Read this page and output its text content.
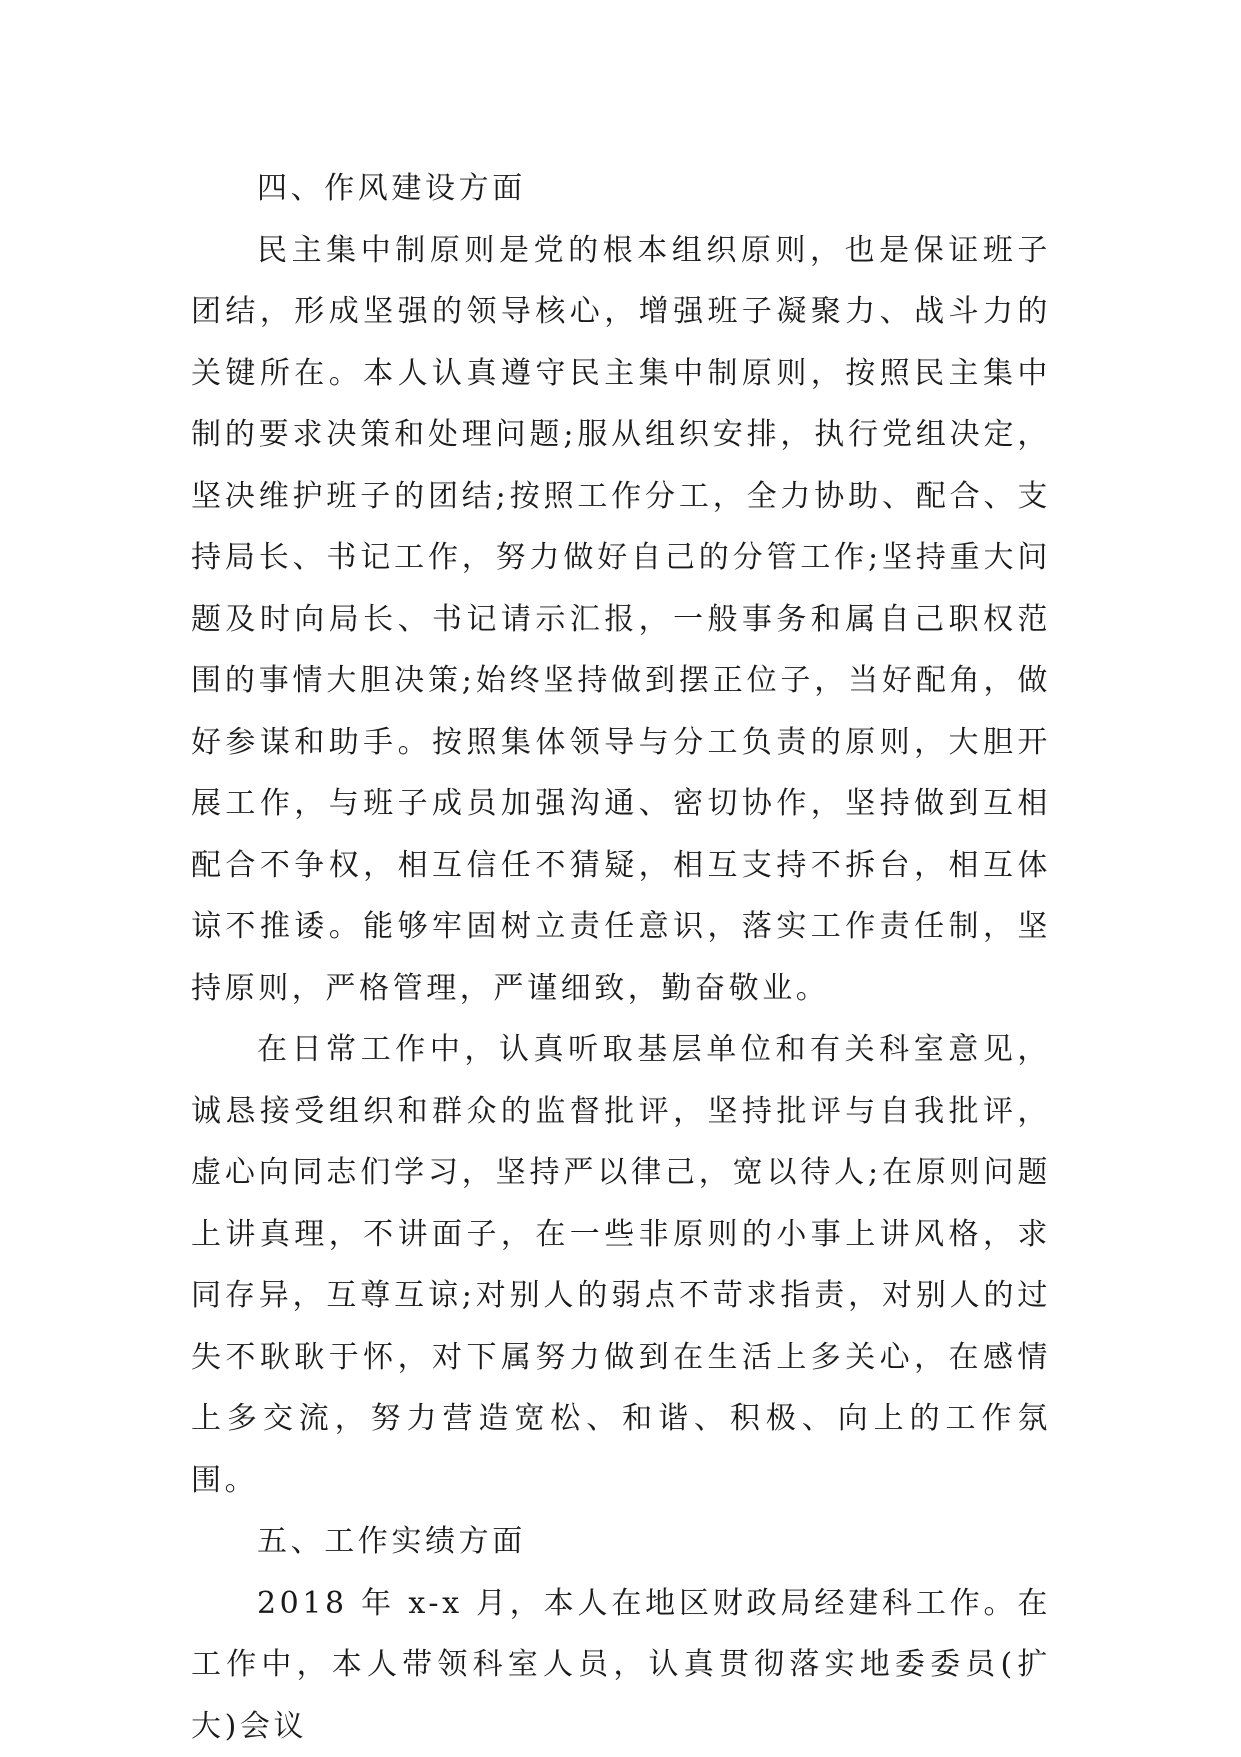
四、作风建设方面

民主集中制原则是党的根本组织原则，也是保证班子团结，形成坚强的领导核心，增强班子凝聚力、战斗力的关键所在。本人认真遵守民主集中制原则，按照民主集中制的要求决策和处理问题;服从组织安排，执行党组决定，坚决维护班子的团结;按照工作分工，全力协助、配合、支持局长、书记工作，努力做好自己的分管工作;坚持重大问题及时向局长、书记请示汇报，一般事务和属自己职权范围的事情大胆决策;始终坚持做到摆正位子，当好配角，做好参谋和助手。按照集体领导与分工负责的原则，大胆开展工作，与班子成员加强沟通、密切协作，坚持做到互相配合不争权，相互信任不猜疑，相互支持不拆台，相互体谅不推诿。能够牢固树立责任意识，落实工作责任制，坚持原则，严格管理，严谨细致，勤奋敬业。

在日常工作中，认真听取基层单位和有关科室意见，诚恳接受组织和群众的监督批评，坚持批评与自我批评，虚心向同志们学习，坚持严以律己，宽以待人;在原则问题上讲真理，不讲面子，在一些非原则的小事上讲风格，求同存异，互尊互谅;对别人的弱点不苛求指责，对别人的过失不耿耿于怀，对下属努力做到在生活上多关心，在感情上多交流，努力营造宽松、和谐、积极、向上的工作氛围。

五、工作实绩方面

2018 年 x-x 月，本人在地区财政局经建科工作。在工作中，本人带领科室人员，认真贯彻落实地委委员(扩大)会议
